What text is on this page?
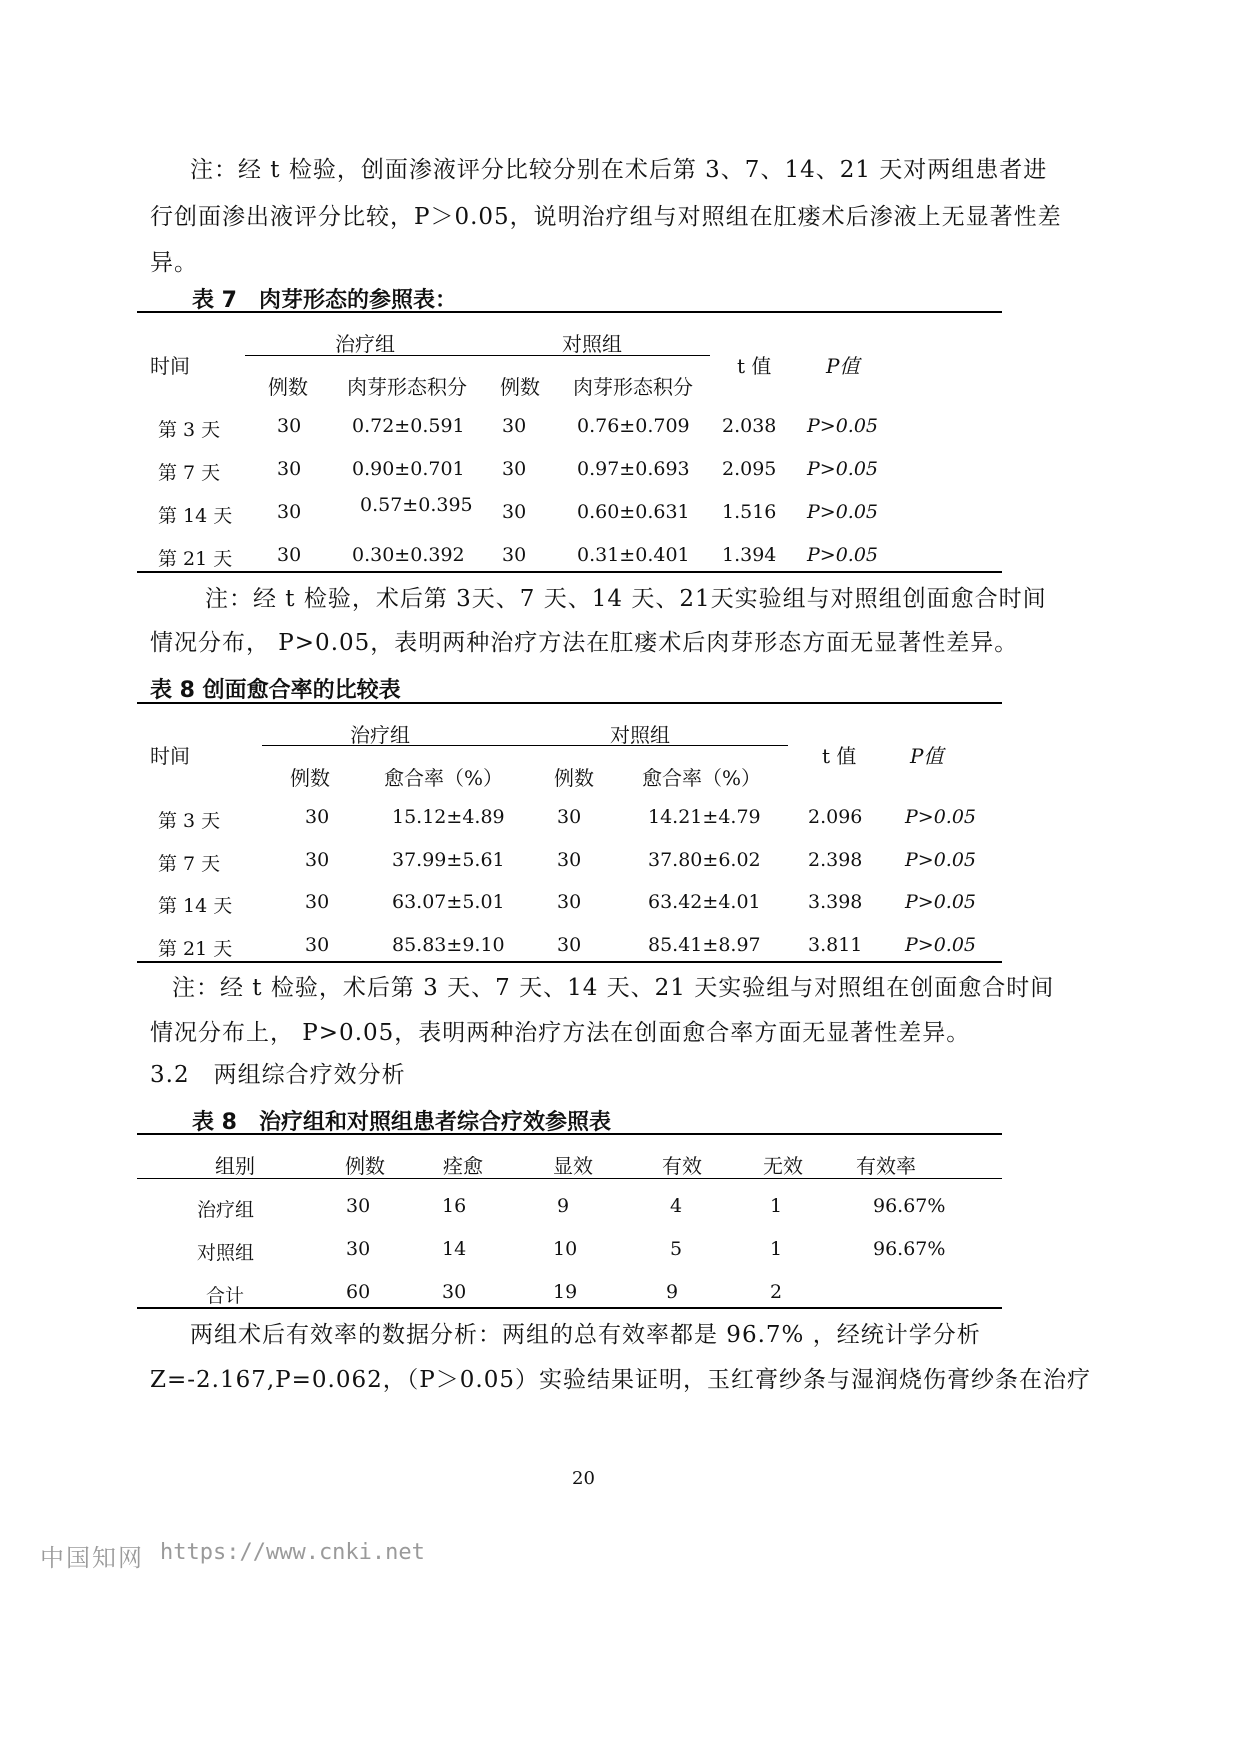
注：经 t 检验，创面渗液评分比较分别在术后第 3、7、14、21 天对两组患者进
行创面渗出液评分比较，P＞0.05，说明治疗组与对照组在肛瘘术后渗液上无显著性差
异。
表 7　肉芽形态的参照表：
时间
治疗组	对照组
t 值	P值
例数 肉芽形态积分 例数 肉芽形态积分
第 3 天	30	0.72±0.591 30	0.76±0.709 2.038 P>0.05
第 7 天	30	0.90±0.701 30	0.97±0.693 2.095 P>0.05
第 14 天 30	0.57±0.395 30	0.60±0.631 1.516 P>0.05
第 21 天 30	0.30±0.392 30	0.31±0.401 1.394 P>0.05
注：经 t 检验，术后第 3天、7 天、14 天、21天实验组与对照组创面愈合时间
情况分布， P>0.05，表明两种治疗方法在肛瘘术后肉芽形态方面无显著性差异。
表 8 创面愈合率的比较表
时间
治疗组	对照组
t 值	P值
例数	愈合率（%）	例数 愈合率（%）
第 3 天	30	15.12±4.89	30	14.21±4.79 2.096 P>0.05
第 7 天	30	37.99±5.61	30	37.80±6.02 2.398 P>0.05
第 14 天	30	63.07±5.01	30	63.42±4.01 3.398 P>0.05
第 21 天	30	85.83±9.10	30	85.41±8.97 3.811 P>0.05
注：经 t 检验，术后第 3 天、7 天、14 天、21 天实验组与对照组在创面愈合时间
情况分布上， P>0.05，表明两种治疗方法在创面愈合率方面无显著性差异。
3.2　两组综合疗效分析
表 8　治疗组和对照组患者综合疗效参照表
组别	例数	痊愈	显效	有效	无效	有效率
治疗组	30	16	9	4	1	96.67%
对照组	30	14	10	5	1	96.67%
合计	60	30	19	9	2
两组术后有效率的数据分析：两组的总有效率都是 96.7% ，经统计学分析
Z=-2.167,P=0.062，（P＞0.05）实验结果证明，玉红膏纱条与湿润烧伤膏纱条在治疗
20
中国知网 https://www.cnki.net
